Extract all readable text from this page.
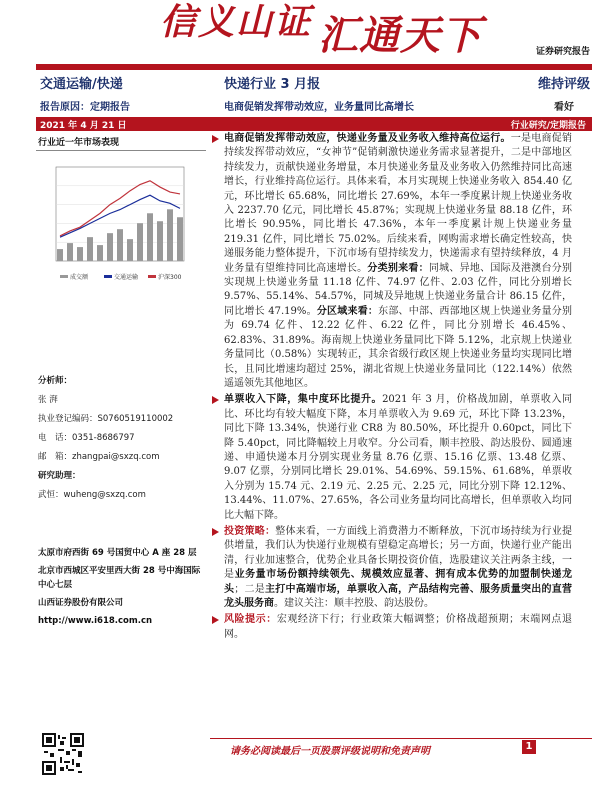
信义山证 汇通天下	证券研究报告
交通运输/快递	快递行业 3 月报	维持评级
报告原因：定期报告	电商促销发挥带动效应，业务量同比高增长	看好
2021 年 4 月 21 日	行业研究/定期报告
行业近一年市场表现
成交额	交通运输	沪深300

分析师：

张 湃

执业登记编码：S0760519110002

电　话：0351-8686797

邮　箱：zhangpai@sxzq.com

研究助理：

武恒：wuheng@sxzq.com

太原市府西街 69 号国贸中心 A 座 28 层

北京市西城区平安里西大街 28 号中海国际中心七层

山西证券股份有限公司

http://www.i618.com.cn

电商促销发挥带动效应，快递业务量及业务收入维持高位运行。一是电商促销持续发挥带动效应，“女神节”促销刺激快递业务需求显著提升，二是中部地区持续发力，贡献快递业务增量，本月快递业务量及业务收入仍然维持同比高速增长，行业维持高位运行。具体来看，本月实现规上快递业务收入 854.40 亿元，环比增长 65.68%，同比增长 27.69%，本年一季度累计规上快递业务收入 2237.70 亿元，同比增长 45.87%；实现规上快递业务量 88.18 亿件，环比增长 90.95%，同比增长 47.36%，本年一季度累计规上快递业务量 219.31 亿件，同比增长 75.02%。后续来看，网购需求增长确定性较高，快递服务能力整体提升，下沉市场有望持续发力，快递需求有望持续释放，4 月业务量有望维持同比高速增长。分类别来看：同城、异地、国际及港澳台分别实现规上快递业务量 11.18 亿件、74.97 亿件、2.03 亿件，同比分别增长 9.57%、55.14%、54.57%，同城及异地规上快递业务量合计 86.15 亿件，同比增长 47.19%。分区域来看：东部、中部、西部地区规上快递业务量分别为 69.74 亿件、12.22 亿件、6.22 亿件，同比分别增长 46.45%、62.83%、31.89%。海南规上快递业务量同比下降 5.12%，北京规上快递业务量同比（0.58%）实现转正，其余省级行政区规上快递业务量均实现同比增长，且同比增速均超过 25%，湖北省规上快递业务量同比（122.14%）依然遥遥领先其他地区。
单票收入下降，集中度环比提升。2021 年 3 月，价格战加剧，单票收入同比、环比均有较大幅度下降，本月单票收入为 9.69 元，环比下降 13.23%，同比下降 13.34%，快递行业 CR8 为 80.50%，环比提升 0.60pct，同比下降 5.40pct，同比降幅较上月收窄。分公司看，顺丰控股、韵达股份、圆通速递、申通快递本月分别实现业务量 8.76 亿票、15.16 亿票、13.48 亿票、9.07 亿票，分别同比增长 29.01%、54.69%、59.15%、61.68%，单票收入分别为 15.74 元、2.19 元、2.25 元、2.25 元，同比分别下降 12.12%、13.44%、11.07%、27.65%，各公司业务量均同比高增长，但单票收入均同比大幅下降。
投资策略：整体来看，一方面线上消费潜力不断释放，下沉市场持续为行业提供增量，我们认为快递行业规模有望稳定高增长；另一方面，快递行业产能出清，行业加速整合，优势企业具备长期投资价值，选股建议关注两条主线，一是业务量市场份额持续领先、规模效应显著、拥有成本优势的加盟制快递龙头；二是主打中高端市场，单票收入高，产品结构完善、服务质量突出的直营龙头服务商。建议关注：顺丰控股、韵达股份。
风险提示：宏观经济下行；行业政策大幅调整；价格战超预期；末端网点退网。
请务必阅读最后一页股票评级说明和免责声明	1
